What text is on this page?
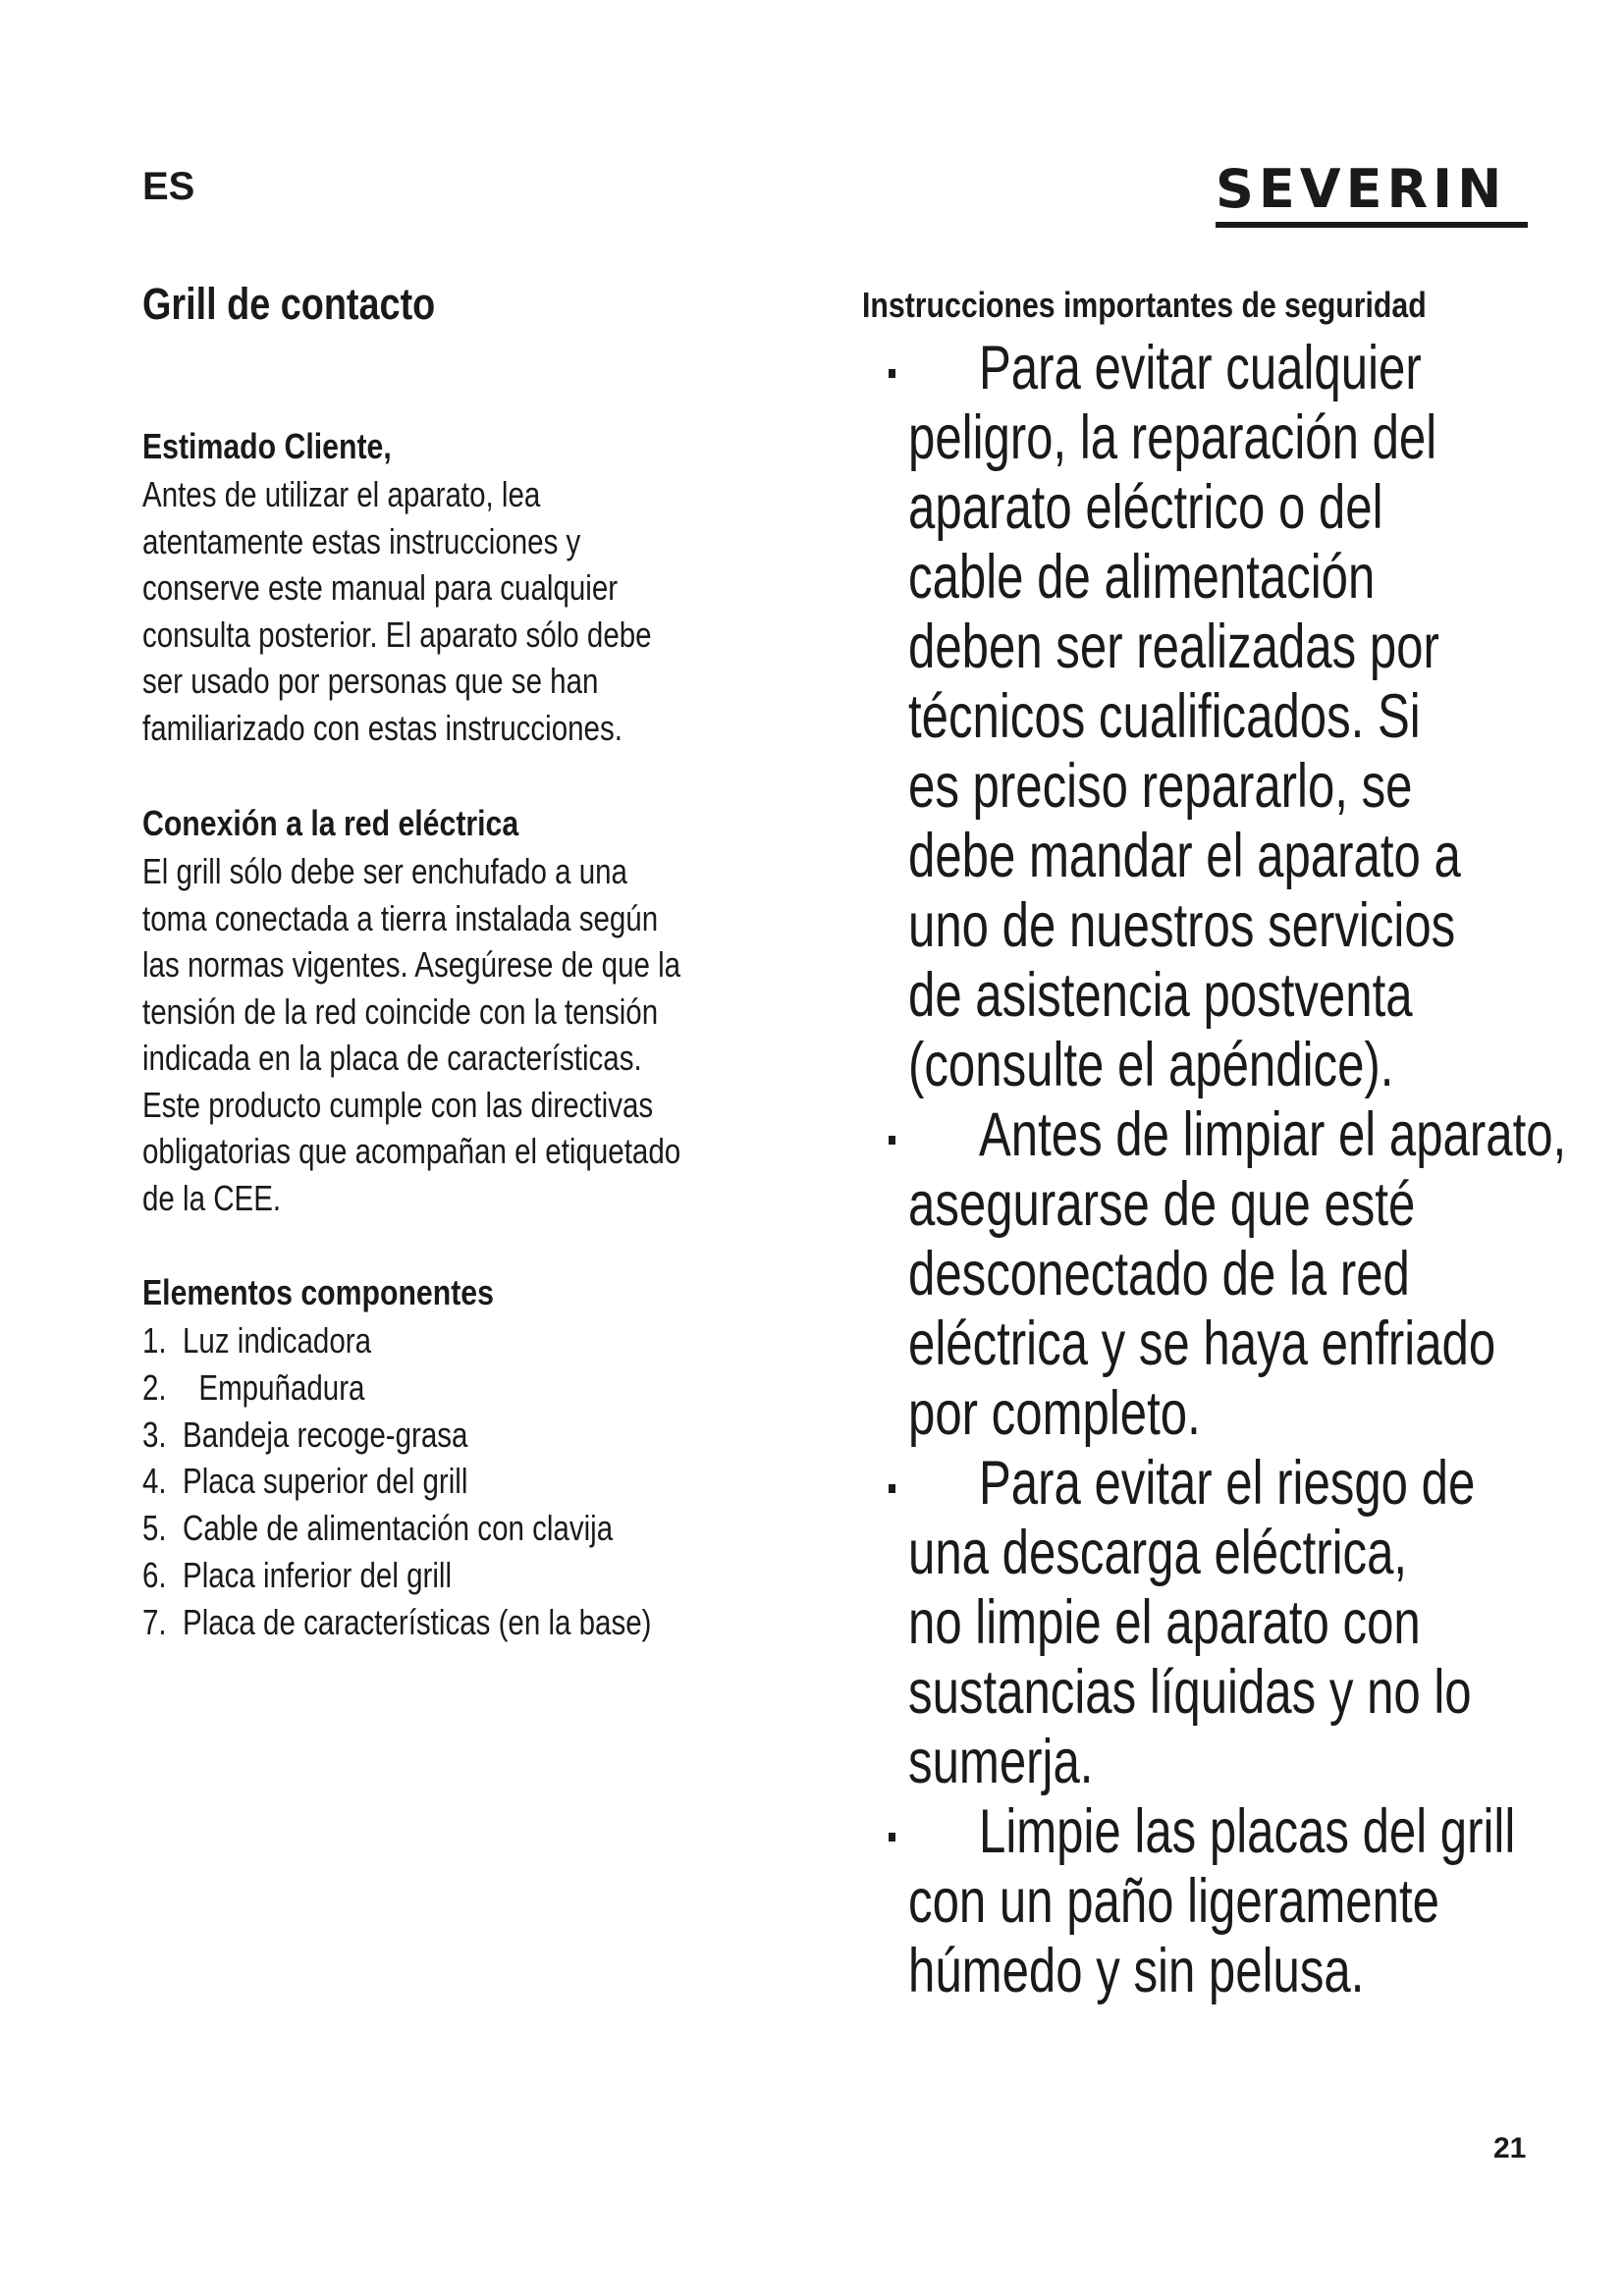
ES	SEVERIN
Grill de contacto
Estimado Cliente,
Antes de utilizar el aparato, lea
atentamente estas instrucciones y
conserve este manual para cualquier
consulta posterior. El aparato sólo debe
ser usado por personas que se han
familiarizado con estas instrucciones.
Conexión a la red eléctrica
El grill sólo debe ser enchufado a una
toma conectada a tierra instalada según
las normas vigentes. Asegúrese de que la
tensión de la red coincide con la tensión
indicada en la placa de características.
Este producto cumple con las directivas
obligatorias que acompañan el etiquetado
de la CEE.
Elementos componentes
1. Luz indicadora
2.  Empuñadura
3. Bandeja recoge-grasa
4. Placa superior del grill
5. Cable de alimentación con clavija
6. Placa inferior del grill
7. Placa de características (en la base)
Instrucciones importantes de seguridad
Para evitar cualquier
peligro, la reparación del
aparato eléctrico o del
cable de alimentación
deben ser realizadas por
técnicos cualificados. Si
es preciso repararlo, se
debe mandar el aparato a
uno de nuestros servicios
de asistencia postventa
(consulte el apéndice).
Antes de limpiar el aparato,
asegurarse de que esté
desconectado de la red
eléctrica y se haya enfriado
por completo.
Para evitar el riesgo de
una descarga eléctrica,
no limpie el aparato con
sustancias líquidas y no lo
sumerja.
Limpie las placas del grill
con un paño ligeramente
húmedo y sin pelusa.
21
